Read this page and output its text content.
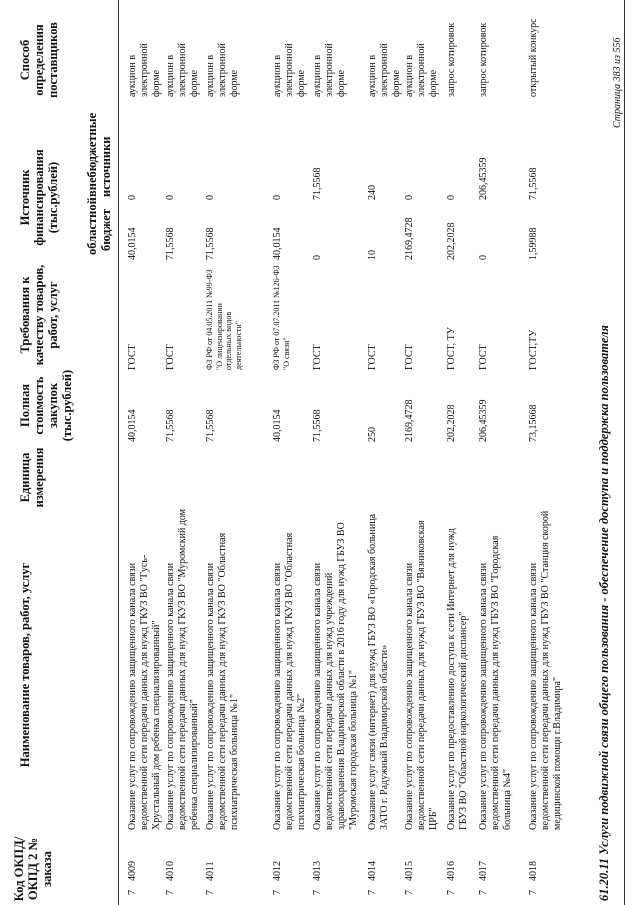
Код ОКПД/ ОКПД 2 № заказа
Наименование товаров, работ, услуг
Единица измерения
Полная стоимость закупок (тыс.рублей)
Требования к качеству товаров, работ, услуг
Источник финансирования (тыс.рублей) областной бюджет
внебюджетные источники
Способ определения поставщиков
7
4009
Оказание услуг по сопровождению защищенного канала связи ведомственной сети передачи данных для нужд ГКУЗ ВО "Гусь-Хрустальный дом ребенка специализированный"
40,0154
ГОСТ
40,0154
0
аукцион в электронной форме
7
4010
Оказание услуг по сопровождению защищенного канала связи ведомственной сети передачи данных для нужд ГКУЗ ВО "Муромский дом ребенка специализированный"
71,5568
ГОСТ
71,5568
0
аукцион в электронной форме
7
4011
Оказание услуг по сопровождению защищенного канала связи ведомственной сети передачи данных для нужд ГКУЗ ВО "Областная психиатрическая больница №1"
71,5568
ФЗ РФ от 04.05.2011 №99-ФЗ "О лицензировании отдельных видов деятельности"
71,5568
0
аукцион в электронной форме
7
4012
Оказание услуг по сопровождению защищенного канала связи ведомственной сети передачи данных для нужд ГКУЗ ВО "Областная психиатрическая больница №2"
40,0154
ФЗ РФ от 07.07.2011 №126-ФЗ "О связи"
40,0154
0
аукцион в электронной форме
7
4013
Оказание услуг по сопровождению защищенного канала связи ведомственной сети передачи данных для нужд учреждений здравоохранения Владимирской области в 2016 году для нужд ГБУЗ ВО "Муромская городская больница №1"
71,5568
ГОСТ
0
71,5568
аукцион в электронной форме
7
4014
Оказание услуг связи (интернет) для нужд ГБУЗ ВО «Городская больница ЗАТО г. Радужный Владимирской области»
250
ГОСТ
10
240
аукцион в электронной форме
7
4015
Оказание услуг по сопровождению защищенного канала связи ведомственной сети передачи данных для нужд ГБУЗ ВО "Вязниковская ЦРБ"
2169,4728
ГОСТ
2169,4728
0
аукцион в электронной форме
7
4016
Оказание услуг по предоставлению доступа к сети Интернет для нужд ГБУЗ ВО "Областной наркологический диспансер"
202,2028
ГОСТ, ТУ
202,2028
0
запрос котировок
7
4017
Оказание услуг по сопровождению защищенного канала связи ведомственной сети передачи данных для нужд ГБУЗ ВО "Городская больница №4"
206,45359
ГОСТ
0
206,45359
запрос котировок
7
4018
Оказание услуг по сопровождению защищенного канала связи ведомственной сети передачи данных для нужд ГБУЗ ВО "Станция скорой медицинской помощи г.Владимира"
73,15668
ГОСТ,ТУ
1,59988
71,5568
открытый конкурс
61.20.11 Услуги подвижной связи общего пользования - обеспечение доступа и поддержка пользователя
Страница 383 из 556
